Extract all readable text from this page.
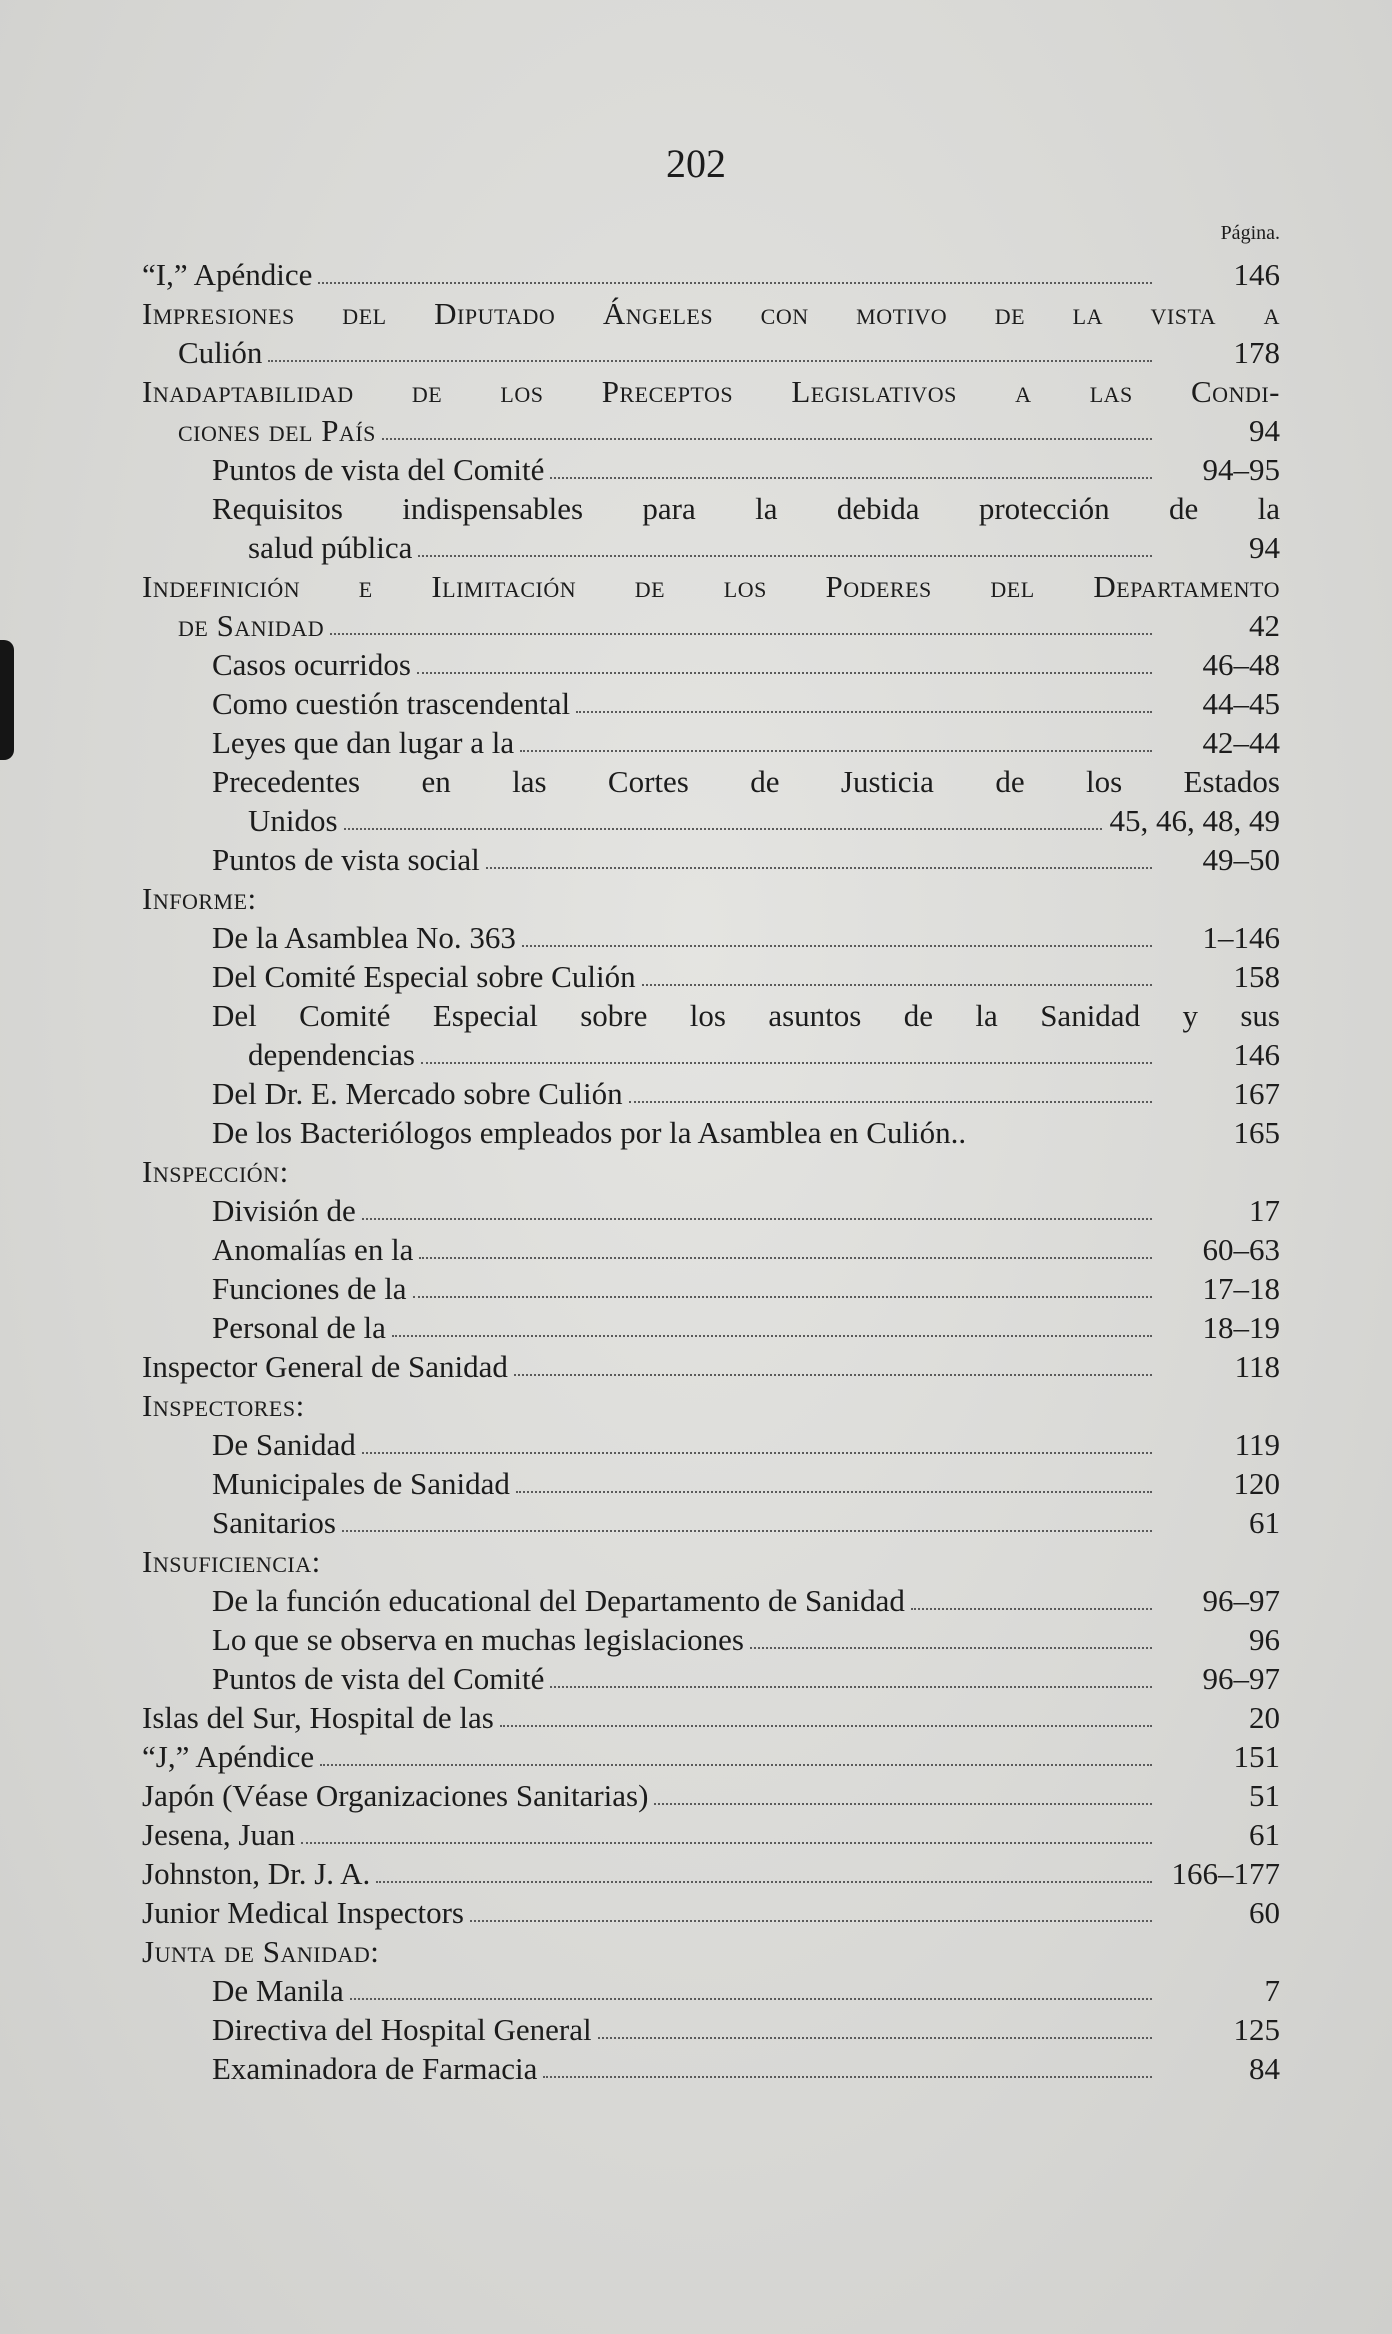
202
Página.
“I,” Apéndice	146
Impresiones del Diputado Ángeles con motivo de la vista a
Culión	178
Inadaptabilidad de los Preceptos Legislativos a las Condi-
ciones del País	94
Puntos de vista del Comité	94–95
Requisitos indispensables para la debida protección de la
salud pública	94
Indefinición e Ilimitación de los Poderes del Departamento
de Sanidad	42
Casos ocurridos	46–48
Como cuestión trascendental	44–45
Leyes que dan lugar a la	42–44
Precedentes en las Cortes de Justicia de los Estados
Unidos	45, 46, 48, 49
Puntos de vista social	49–50
Informe:
De la Asamblea No. 363	1–146
Del Comité Especial sobre Culión	158
Del Comité Especial sobre los asuntos de la Sanidad y sus
dependencias	146
Del Dr. E. Mercado sobre Culión	167
De los Bacteriólogos empleados por la Asamblea en Culión..	165
Inspección:
División de	17
Anomalías en la	60–63
Funciones de la	17–18
Personal de la	18–19
Inspector General de Sanidad	118
Inspectores:
De Sanidad	119
Municipales de Sanidad	120
Sanitarios	61
Insuficiencia:
De la función educational del Departamento de Sanidad	96–97
Lo que se observa en muchas legislaciones	96
Puntos de vista del Comité	96–97
Islas del Sur, Hospital de las	20
“J,” Apéndice	151
Japón (Véase Organizaciones Sanitarias)	51
Jesena, Juan	61
Johnston, Dr. J. A.	166–177
Junior Medical Inspectors	60
Junta de Sanidad:
De Manila	7
Directiva del Hospital General	125
Examinadora de Farmacia	84
